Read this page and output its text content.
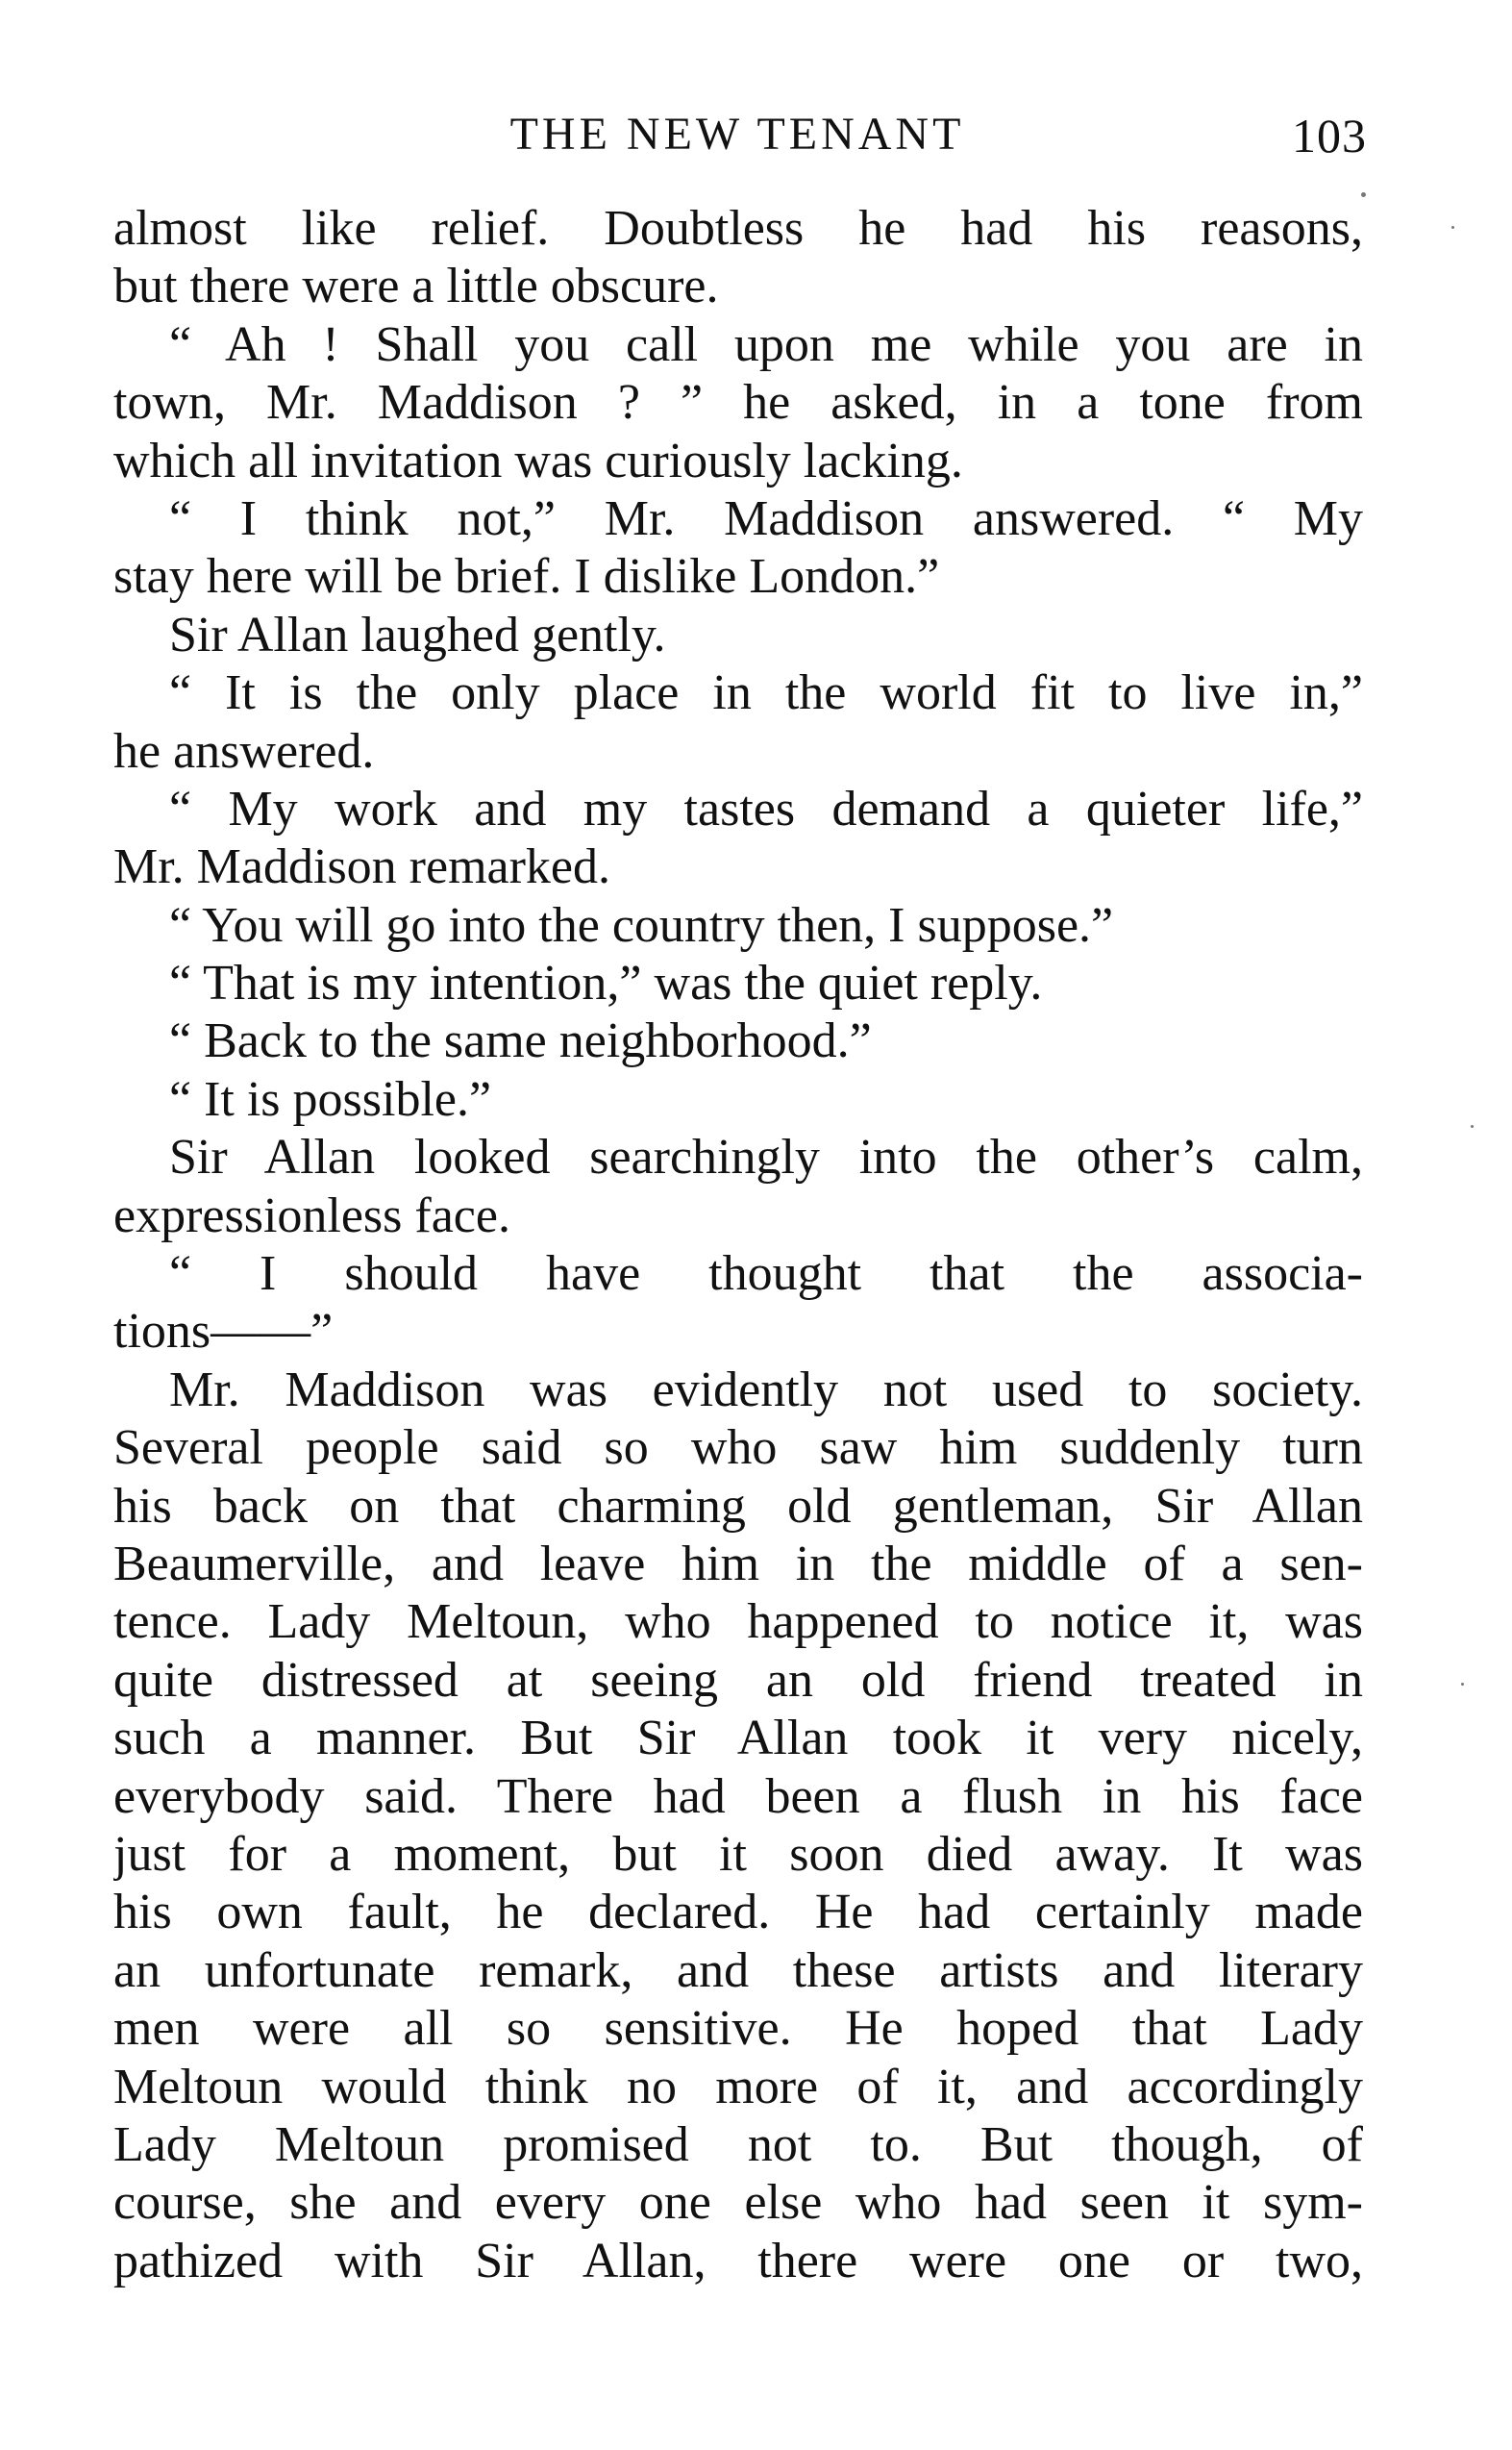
THE NEW TENANT	103
almost like relief. Doubtless he had his reasons,
but there were a little obscure.
“ Ah ! Shall you call upon me while you are in
town, Mr. Maddison ? ” he asked, in a tone from
which all invitation was curiously lacking.
“ I think not,” Mr. Maddison answered. “ My
stay here will be brief. I dislike London.”
Sir Allan laughed gently.
“ It is the only place in the world fit to live in,”
he answered.
“ My work and my tastes demand a quieter life,”
Mr. Maddison remarked.
“ You will go into the country then, I suppose.”
“ That is my intention,” was the quiet reply.
“ Back to the same neighborhood.”
“ It is possible.”
Sir Allan looked searchingly into the other’s calm,
expressionless face.
“ I should have thought that the associa-
tions——”
Mr. Maddison was evidently not used to society.
Several people said so who saw him suddenly turn
his back on that charming old gentleman, Sir Allan
Beaumerville, and leave him in the middle of a sen-
tence. Lady Meltoun, who happened to notice it, was
quite distressed at seeing an old friend treated in
such a manner. But Sir Allan took it very nicely,
everybody said. There had been a flush in his face
just for a moment, but it soon died away. It was
his own fault, he declared. He had certainly made
an unfortunate remark, and these artists and literary
men were all so sensitive. He hoped that Lady
Meltoun would think no more of it, and accordingly
Lady Meltoun promised not to. But though, of
course, she and every one else who had seen it sym-
pathized with Sir Allan, there were one or two,
